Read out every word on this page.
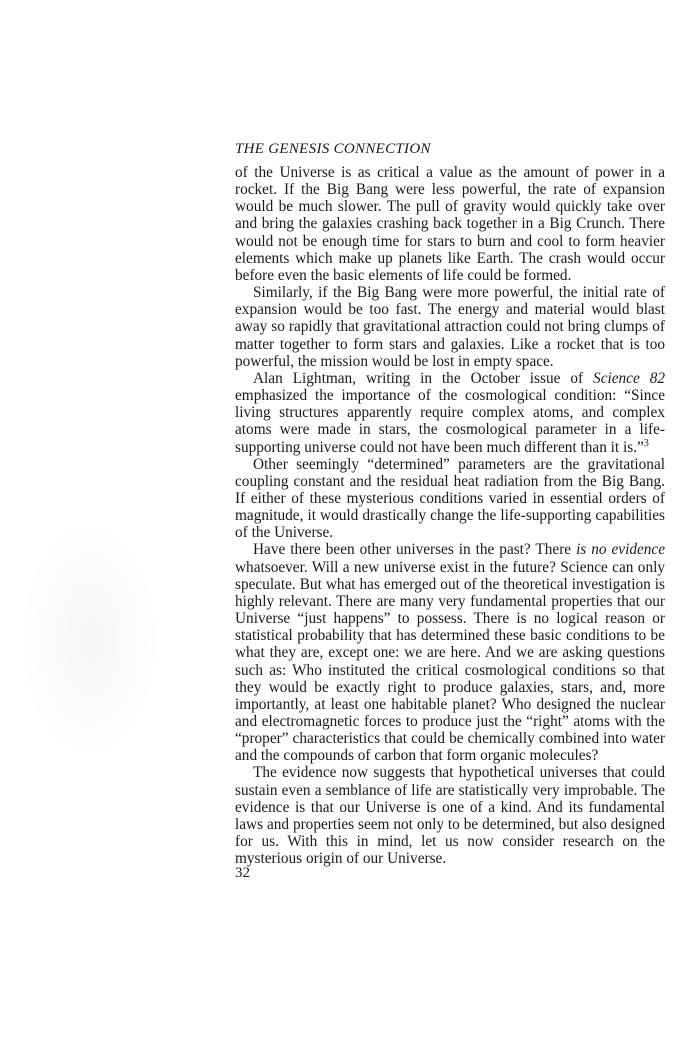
THE GENESIS CONNECTION

of the Universe is as critical a value as the amount of power in a rocket. If the Big Bang were less powerful, the rate of expansion would be much slower. The pull of gravity would quickly take over and bring the galaxies crashing back together in a Big Crunch. There would not be enough time for stars to burn and cool to form heavier elements which make up planets like Earth. The crash would occur before even the basic elements of life could be formed.

Similarly, if the Big Bang were more powerful, the initial rate of expansion would be too fast. The energy and material would blast away so rapidly that gravitational attraction could not bring clumps of matter together to form stars and galaxies. Like a rocket that is too powerful, the mission would be lost in empty space.

Alan Lightman, writing in the October issue of Science 82 emphasized the importance of the cosmological condition: “Since living structures apparently require complex atoms, and complex atoms were made in stars, the cosmological parameter in a life-supporting universe could not have been much different than it is.”$^3$

Other seemingly “determined” parameters are the gravitational coupling constant and the residual heat radiation from the Big Bang. If either of these mysterious conditions varied in essential orders of magnitude, it would drastically change the life-supporting capabilities of the Universe.

Have there been other universes in the past? There is no evidence whatsoever. Will a new universe exist in the future? Science can only speculate. But what has emerged out of the theoretical investigation is highly relevant. There are many very fundamental properties that our Universe “just happens” to possess. There is no logical reason or statistical probability that has determined these basic conditions to be what they are, except one: we are here. And we are asking questions such as: Who instituted the critical cosmological conditions so that they would be exactly right to produce galaxies, stars, and, more importantly, at least one habitable planet? Who designed the nuclear and electromagnetic forces to produce just the “right” atoms with the “proper” characteristics that could be chemically combined into water and the compounds of carbon that form organic molecules?

The evidence now suggests that hypothetical universes that could sustain even a semblance of life are statistically very improbable. The evidence is that our Universe is one of a kind. And its fundamental laws and properties seem not only to be determined, but also designed for us. With this in mind, let us now consider research on the mysterious origin of our Universe.

32
